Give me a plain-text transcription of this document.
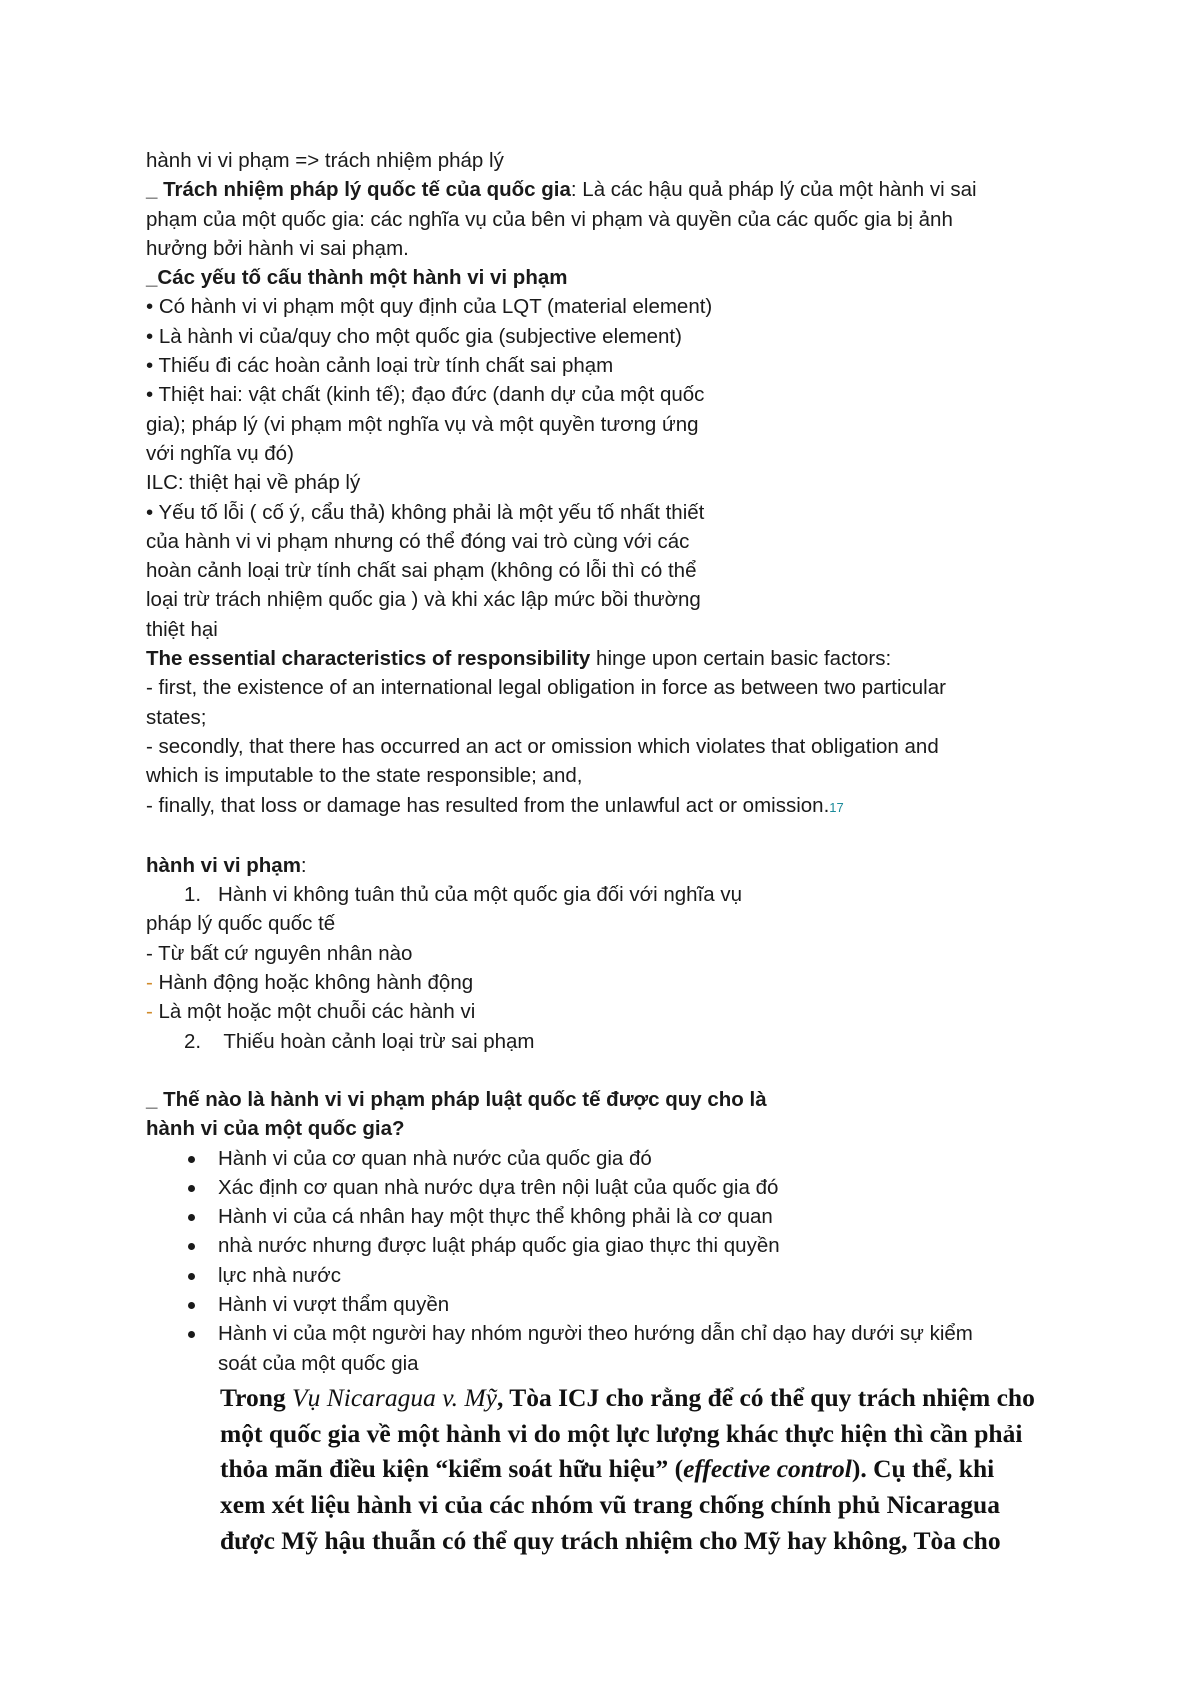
hành vi vi phạm => trách nhiệm pháp lý
_ Trách nhiệm pháp lý quốc tế của quốc gia: Là các hậu quả pháp lý của một hành vi sai
phạm của một quốc gia: các nghĩa vụ của bên vi phạm và quyền của các quốc gia bị ảnh
hưởng bởi hành vi sai phạm.
_Các yếu tố cấu thành một hành vi vi phạm
• Có hành vi vi phạm một quy định của LQT (material element)
• Là hành vi của/quy cho một quốc gia (subjective element)
• Thiếu đi các hoàn cảnh loại trừ tính chất sai phạm
• Thiệt hai: vật chất (kinh tế); đạo đức (danh dự của một quốc
gia); pháp lý (vi phạm một nghĩa vụ và một quyền tương ứng
với nghĩa vụ đó)
ILC: thiệt hại về pháp lý
• Yếu tố lỗi ( cố ý, cẩu thả) không phải là một yếu tố nhất thiết
của hành vi vi phạm nhưng có thể đóng vai trò cùng với các
hoàn cảnh loại trừ tính chất sai phạm (không có lỗi thì có thể
loại trừ trách nhiệm quốc gia ) và khi xác lập mức bồi thường
thiệt hại
The essential characteristics of responsibility hinge upon certain basic factors:
- first, the existence of an international legal obligation in force as between two particular
states;
- secondly, that there has occurred an act or omission which violates that obligation and
which is imputable to the state responsible; and,
- finally, that loss or damage has resulted from the unlawful act or omission.17
hành vi vi phạm:
1. Hành vi không tuân thủ của một quốc gia đối với nghĩa vụ
pháp lý quốc quốc tế
- Từ bất cứ nguyên nhân nào
- Hành động hoặc không hành động
- Là một hoặc một chuỗi các hành vi
2. Thiếu hoàn cảnh loại trừ sai phạm
_ Thế nào là hành vi vi phạm pháp luật quốc tế được quy cho là
hành vi của một quốc gia?
Hành vi của cơ quan nhà nước của quốc gia đó
Xác định cơ quan nhà nước dựa trên nội luật của quốc gia đó
Hành vi của cá nhân hay một thực thể không phải là cơ quan
nhà nước nhưng được luật pháp quốc gia giao thực thi quyền
lực nhà nước
Hành vi vượt thẩm quyền
Hành vi của một người hay nhóm người theo hướng dẫn chỉ dạo hay dưới sự kiểm
soát của một quốc gia
Trong Vụ Nicaragua v. Mỹ, Tòa ICJ cho rằng để có thể quy trách nhiệm cho
một quốc gia về một hành vi do một lực lượng khác thực hiện thì cần phải
thỏa mãn điều kiện “kiểm soát hữu hiệu” (effective control). Cụ thể, khi
xem xét liệu hành vi của các nhóm vũ trang chống chính phủ Nicaragua
được Mỹ hậu thuẫn có thể quy trách nhiệm cho Mỹ hay không, Tòa cho
